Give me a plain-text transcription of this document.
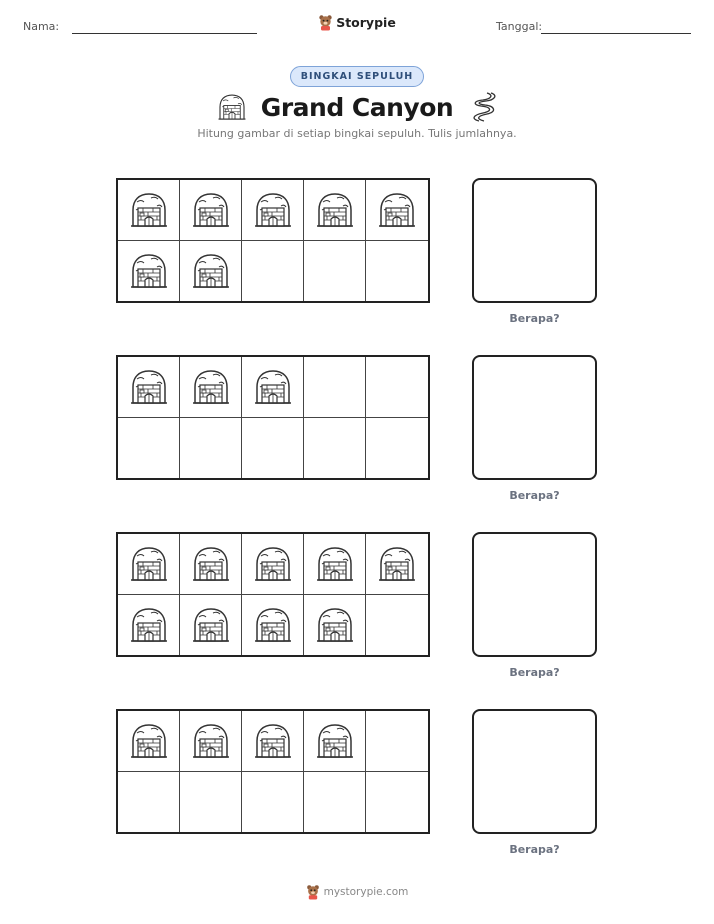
Nama:	Storypie	Tanggal:
BINGKAI SEPULUH
Grand Canyon
Hitung gambar di setiap bingkai sepuluh. Tulis jumlahnya.
Berapa?
Berapa?
Berapa?
Berapa?
mystorypie.com
